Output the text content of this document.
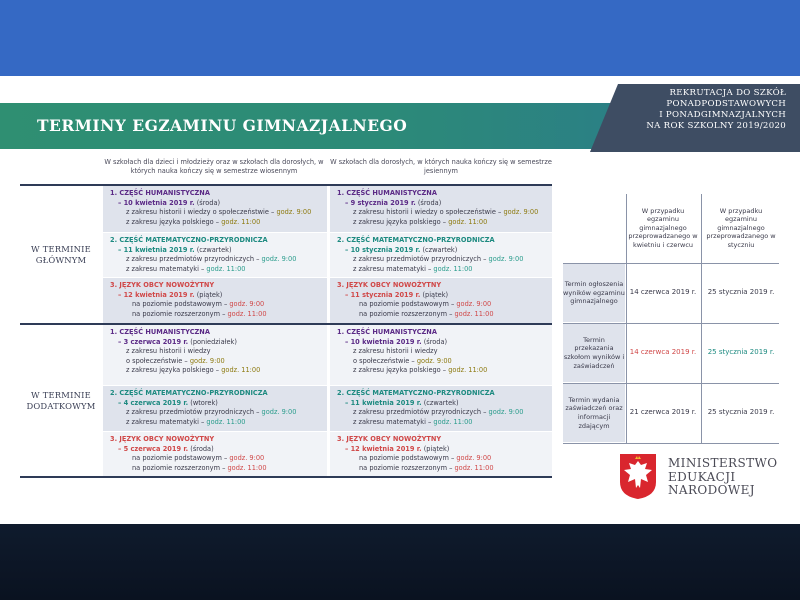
TERMINY EGZAMINU GIMNAZJALNEGO
REKRUTACJA DO SZKÓŁ
PONADPODSTAWOWYCH
I PONADGIMNAZJALNYCH
NA ROK SZKOLNY 2019/2020
W szkołach dla dzieci i młodzieży oraz w szkołach dla dorosłych, w których nauka kończy się w semestrze wiosennym
W szkołach dla dorosłych, w których nauka kończy się w semestrze jesiennym
W TERMINIE
GŁÓWNYM
W TERMINIE
DODATKOWYM
1. CZĘŚĆ HUMANISTYCZNA
– 10 kwietnia 2019 r. (środa)
z zakresu historii i wiedzy o społeczeństwie – godz. 9:00
z zakresu języka polskiego – godz. 11:00
2. CZĘŚĆ MATEMATYCZNO-PRZYRODNICZA
– 11 kwietnia 2019 r. (czwartek)
z zakresu przedmiotów przyrodniczych – godz. 9:00
z zakresu matematyki – godz. 11:00
3. JĘZYK OBCY NOWOŻYTNY
– 12 kwietnia 2019 r. (piątek)
na poziomie podstawowym – godz. 9:00
na poziomie rozszerzonym – godz. 11:00
1. CZĘŚĆ HUMANISTYCZNA
– 9 stycznia 2019 r. (środa)
z zakresu historii i wiedzy o społeczeństwie – godz. 9:00
z zakresu języka polskiego – godz. 11:00
2. CZĘŚĆ MATEMATYCZNO-PRZYRODNICZA
– 10 stycznia 2019 r. (czwartek)
z zakresu przedmiotów przyrodniczych – godz. 9:00
z zakresu matematyki – godz. 11:00
3. JĘZYK OBCY NOWOŻYTNY
– 11 stycznia 2019 r. (piątek)
na poziomie podstawowym – godz. 9:00
na poziomie rozszerzonym – godz. 11:00
1. CZĘŚĆ HUMANISTYCZNA
– 3 czerwca 2019 r. (poniedziałek)
z zakresu historii i wiedzy
o społeczeństwie – godz. 9:00
z zakresu języka polskiego – godz. 11:00
2. CZĘŚĆ MATEMATYCZNO-PRZYRODNICZA
– 4 czerwca 2019 r. (wtorek)
z zakresu przedmiotów przyrodniczych – godz. 9:00
z zakresu matematyki – godz. 11:00
3. JĘZYK OBCY NOWOŻYTNY
– 5 czerwca 2019 r. (środa)
na poziomie podstawowym – godz. 9:00
na poziomie rozszerzonym – godz. 11:00
1. CZĘŚĆ HUMANISTYCZNA
– 10 kwietnia 2019 r. (środa)
z zakresu historii i wiedzy
o społeczeństwie – godz. 9:00
z zakresu języka polskiego – godz. 11:00
2. CZĘŚĆ MATEMATYCZNO-PRZYRODNICZA
– 11 kwietnia 2019 r. (czwartek)
z zakresu przedmiotów przyrodniczych – godz. 9:00
z zakresu matematyki – godz. 11:00
3. JĘZYK OBCY NOWOŻYTNY
– 12 kwietnia 2019 r. (piątek)
na poziomie podstawowym – godz. 9:00
na poziomie rozszerzonym – godz. 11:00
W przypadku egzaminu gimnazjalnego przeprowadzanego w kwietniu i czerwcu
W przypadku egzaminu gimnazjalnego przeprowadzanego w styczniu
Termin ogłoszenia wyników egzaminu gimnazjalnego
14 czerwca 2019 r.	25 stycznia 2019 r.
Termin przekazania szkołom wyników i zaświadczeń
14 czerwca 2019 r.	25 stycznia 2019 r.
Termin wydania zaświadczeń oraz informacji zdającym
21 czerwca 2019 r.	25 stycznia 2019 r.
MINISTERSTWO
EDUKACJI
NARODOWEJ
